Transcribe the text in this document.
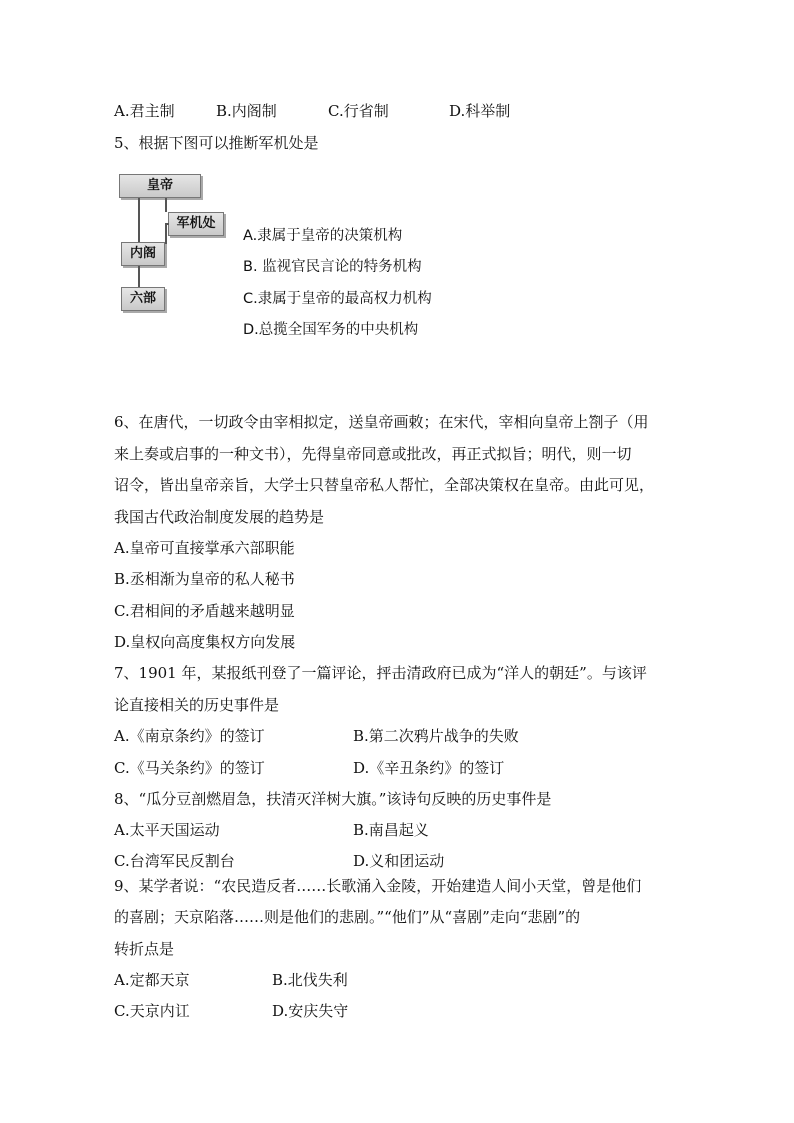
A.君主制	B.内阁制	C.行省制	D.科举制
5、根据下图可以推断军机处是
皇帝
军机处
内阁
六部
A.隶属于皇帝的决策机构
B. 监视官民言论的特务机构
C.隶属于皇帝的最高权力机构
D.总揽全国军务的中央机构
6、在唐代，一切政令由宰相拟定，送皇帝画敕；在宋代，宰相向皇帝上劄子（用
来上奏或启事的一种文书），先得皇帝同意或批改，再正式拟旨；明代，则一切
诏令，皆出皇帝亲旨，大学士只替皇帝私人帮忙，全部决策权在皇帝。由此可见，
我国古代政治制度发展的趋势是
A.皇帝可直接掌承六部职能
B.丞相渐为皇帝的私人秘书
C.君相间的矛盾越来越明显
D.皇权向高度集权方向发展
7、1901 年，某报纸刊登了一篇评论，抨击清政府已成为“洋人的朝廷”。与该评
论直接相关的历史事件是
A.《南京条约》的签订	B.第二次鸦片战争的失败
C.《马关条约》的签订	D.《辛丑条约》的签订
8、“瓜分豆剖燃眉急，扶清灭洋树大旗。”该诗句反映的历史事件是
A.太平天国运动	B.南昌起义
C.台湾军民反割台	D.义和团运动
9、某学者说：“农民造反者……长歌涌入金陵，开始建造人间小天堂，曾是他们
的喜剧；天京陷落……则是他们的悲剧。”“他们”从“喜剧”走向“悲剧”的
转折点是
A.定都天京	B.北伐失利
C.天京内讧	D.安庆失守
